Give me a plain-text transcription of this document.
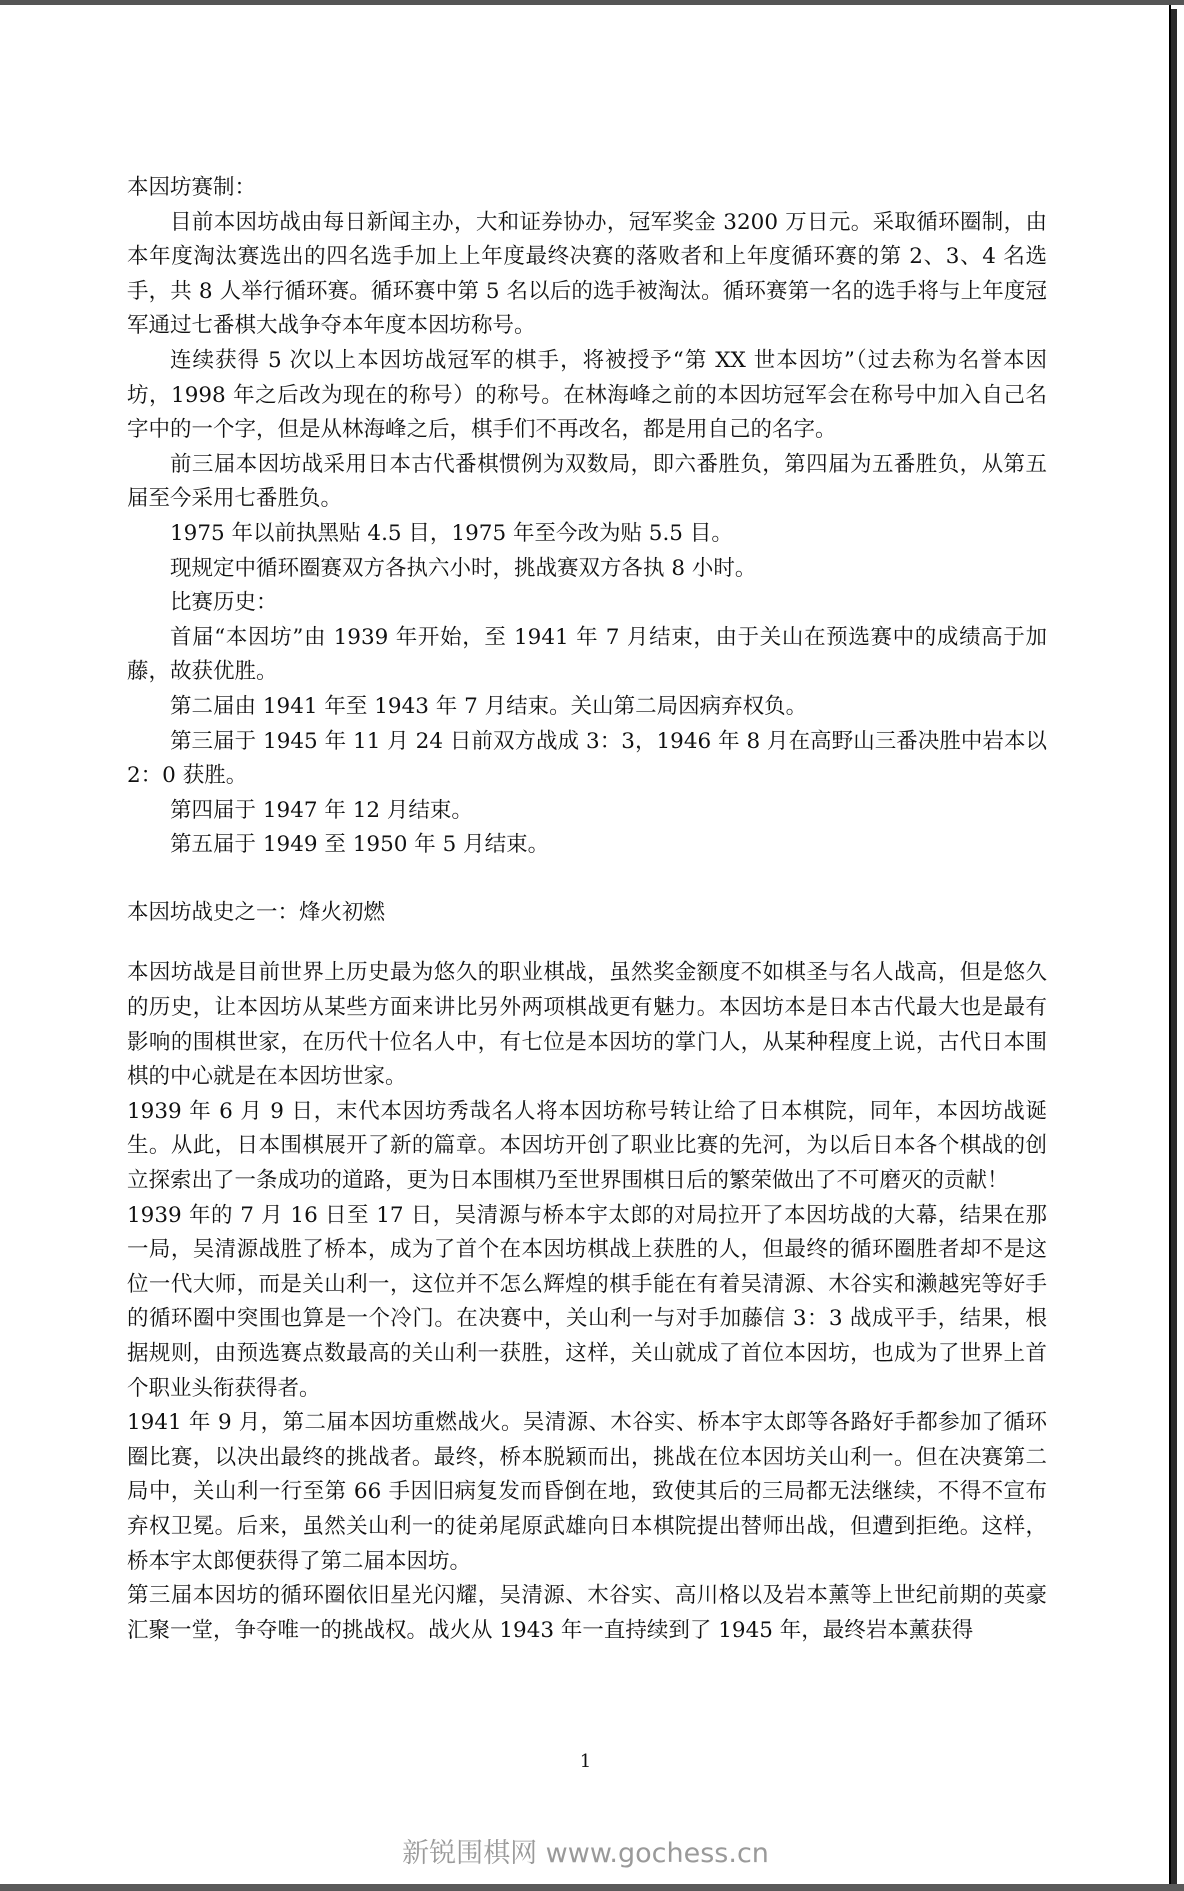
本因坊赛制：

目前本因坊战由每日新闻主办，大和证券协办，冠军奖金 3200 万日元。采取循环圈制，由本年度淘汰赛选出的四名选手加上上年度最终决赛的落败者和上年度循环赛的第 2、3、4 名选手，共 8 人举行循环赛。循环赛中第 5 名以后的选手被淘汰。循环赛第一名的选手将与上年度冠军通过七番棋大战争夺本年度本因坊称号。

连续获得 5 次以上本因坊战冠军的棋手，将被授予“第 XX 世本因坊”（过去称为名誉本因坊，1998 年之后改为现在的称号）的称号。在林海峰之前的本因坊冠军会在称号中加入自己名字中的一个字，但是从林海峰之后，棋手们不再改名，都是用自己的名字。

前三届本因坊战采用日本古代番棋惯例为双数局，即六番胜负，第四届为五番胜负，从第五届至今采用七番胜负。

1975 年以前执黑贴 4.5 目，1975 年至今改为贴 5.5 目。

现规定中循环圈赛双方各执六小时，挑战赛双方各执 8 小时。

比赛历史：

首届“本因坊”由 1939 年开始，至 1941 年 7 月结束，由于关山在预选赛中的成绩高于加藤，故获优胜。

第二届由 1941 年至 1943 年 7 月结束。关山第二局因病弃权负。

第三届于 1945 年 11 月 24 日前双方战成 3：3，1946 年 8 月在高野山三番决胜中岩本以 2：0 获胜。

第四届于 1947 年 12 月结束。

第五届于 1949 至 1950 年 5 月结束。

本因坊战史之一：烽火初燃

本因坊战是目前世界上历史最为悠久的职业棋战，虽然奖金额度不如棋圣与名人战高，但是悠久的历史，让本因坊从某些方面来讲比另外两项棋战更有魅力。本因坊本是日本古代最大也是最有影响的围棋世家，在历代十位名人中，有七位是本因坊的掌门人，从某种程度上说，古代日本围棋的中心就是在本因坊世家。

1939 年 6 月 9 日，末代本因坊秀哉名人将本因坊称号转让给了日本棋院，同年，本因坊战诞生。从此，日本围棋展开了新的篇章。本因坊开创了职业比赛的先河，为以后日本各个棋战的创立探索出了一条成功的道路，更为日本围棋乃至世界围棋日后的繁荣做出了不可磨灭的贡献！

1939 年的 7 月 16 日至 17 日，吴清源与桥本宇太郎的对局拉开了本因坊战的大幕，结果在那一局，吴清源战胜了桥本，成为了首个在本因坊棋战上获胜的人，但最终的循环圈胜者却不是这位一代大师，而是关山利一，这位并不怎么辉煌的棋手能在有着吴清源、木谷实和濑越宪等好手的循环圈中突围也算是一个冷门。在决赛中，关山利一与对手加藤信 3：3 战成平手，结果，根据规则，由预选赛点数最高的关山利一获胜，这样，关山就成了首位本因坊，也成为了世界上首个职业头衔获得者。

1941 年 9 月，第二届本因坊重燃战火。吴清源、木谷实、桥本宇太郎等各路好手都参加了循环圈比赛，以决出最终的挑战者。最终，桥本脱颖而出，挑战在位本因坊关山利一。但在决赛第二局中，关山利一行至第 66 手因旧病复发而昏倒在地，致使其后的三局都无法继续，不得不宣布弃权卫冕。后来，虽然关山利一的徒弟尾原武雄向日本棋院提出替师出战，但遭到拒绝。这样，桥本宇太郎便获得了第二届本因坊。

第三届本因坊的循环圈依旧星光闪耀，吴清源、木谷实、高川格以及岩本薰等上世纪前期的英豪汇聚一堂，争夺唯一的挑战权。战火从 1943 年一直持续到了 1945 年，最终岩本薰获得

1
新锐围棋网 www.gochess.cn
